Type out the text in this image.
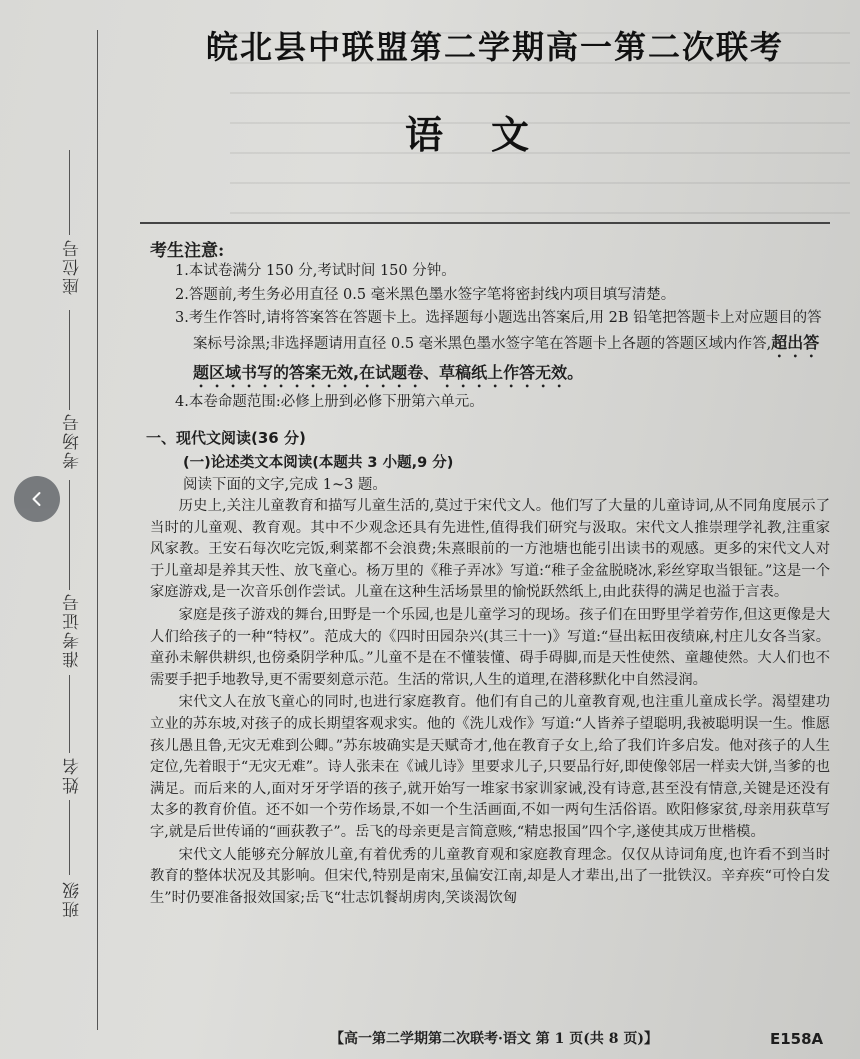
座位号
考场号
准考证号
姓名
班级
皖北县中联盟第二学期高一第二次联考
语文
考生注意:

1.本试卷满分 150 分,考试时间 150 分钟。

2.答题前,考生务必用直径 0.5 毫米黑色墨水签字笔将密封线内项目填写清楚。

3.考生作答时,请将答案答在答题卡上。选择题每小题选出答案后,用 2B 铅笔把答题卡上对应题目的答案标号涂黑;非选择题请用直径 0.5 毫米黑色墨水签字笔在答题卡上各题的答题区域内作答,超出答题区域书写的答案无效,在试题卷、草稿纸上作答无效。

4.本卷命题范围:必修上册到必修下册第六单元。

一、现代文阅读(36 分)
(一)论述类文本阅读(本题共 3 小题,9 分)
阅读下面的文字,完成 1~3 题。

历史上,关注儿童教育和描写儿童生活的,莫过于宋代文人。他们写了大量的儿童诗词,从不同角度展示了当时的儿童观、教育观。其中不少观念还具有先进性,值得我们研究与汲取。宋代文人推崇理学礼教,注重家风家教。王安石每次吃完饭,剩菜都不会浪费;朱熹眼前的一方池塘也能引出读书的观感。更多的宋代文人对于儿童却是养其天性、放飞童心。杨万里的《稚子弄冰》写道:“稚子金盆脱晓冰,彩丝穿取当银钲。”这是一个家庭游戏,是一次音乐创作尝试。儿童在这种生活场景里的愉悦跃然纸上,由此获得的满足也溢于言表。

家庭是孩子游戏的舞台,田野是一个乐园,也是儿童学习的现场。孩子们在田野里学着劳作,但这更像是大人们给孩子的一种“特权”。范成大的《四时田园杂兴(其三十一)》写道:“昼出耘田夜绩麻,村庄儿女各当家。童孙未解供耕织,也傍桑阴学种瓜。”儿童不是在不懂装懂、碍手碍脚,而是天性使然、童趣使然。大人们也不需要手把手地教导,更不需要刻意示范。生活的常识,人生的道理,在潜移默化中自然浸润。

宋代文人在放飞童心的同时,也进行家庭教育。他们有自己的儿童教育观,也注重儿童成长学。渴望建功立业的苏东坡,对孩子的成长期望客观求实。他的《洗儿戏作》写道:“人皆养子望聪明,我被聪明误一生。惟愿孩儿愚且鲁,无灾无难到公卿。”苏东坡确实是天赋奇才,他在教育子女上,给了我们许多启发。他对孩子的人生定位,先着眼于“无灾无难”。诗人张耒在《诫儿诗》里要求儿子,只要品行好,即使像邻居一样卖大饼,当爹的也满足。而后来的人,面对牙牙学语的孩子,就开始写一堆家书家训家诫,没有诗意,甚至没有情意,关键是还没有太多的教育价值。还不如一个劳作场景,不如一个生活画面,不如一两句生活俗语。欧阳修家贫,母亲用荻草写字,就是后世传诵的“画荻教子”。岳飞的母亲更是言简意赅,“精忠报国”四个字,遂使其成万世楷模。

宋代文人能够充分解放儿童,有着优秀的儿童教育观和家庭教育理念。仅仅从诗词角度,也许看不到当时教育的整体状况及其影响。但宋代,特别是南宋,虽偏安江南,却是人才辈出,出了一批铁汉。辛弃疾“可怜白发生”时仍要准备报效国家;岳飞“壮志饥餐胡虏肉,笑谈渴饮匈

【高一第二学期第二次联考·语文 第 1 页(共 8 页)】	E158A
